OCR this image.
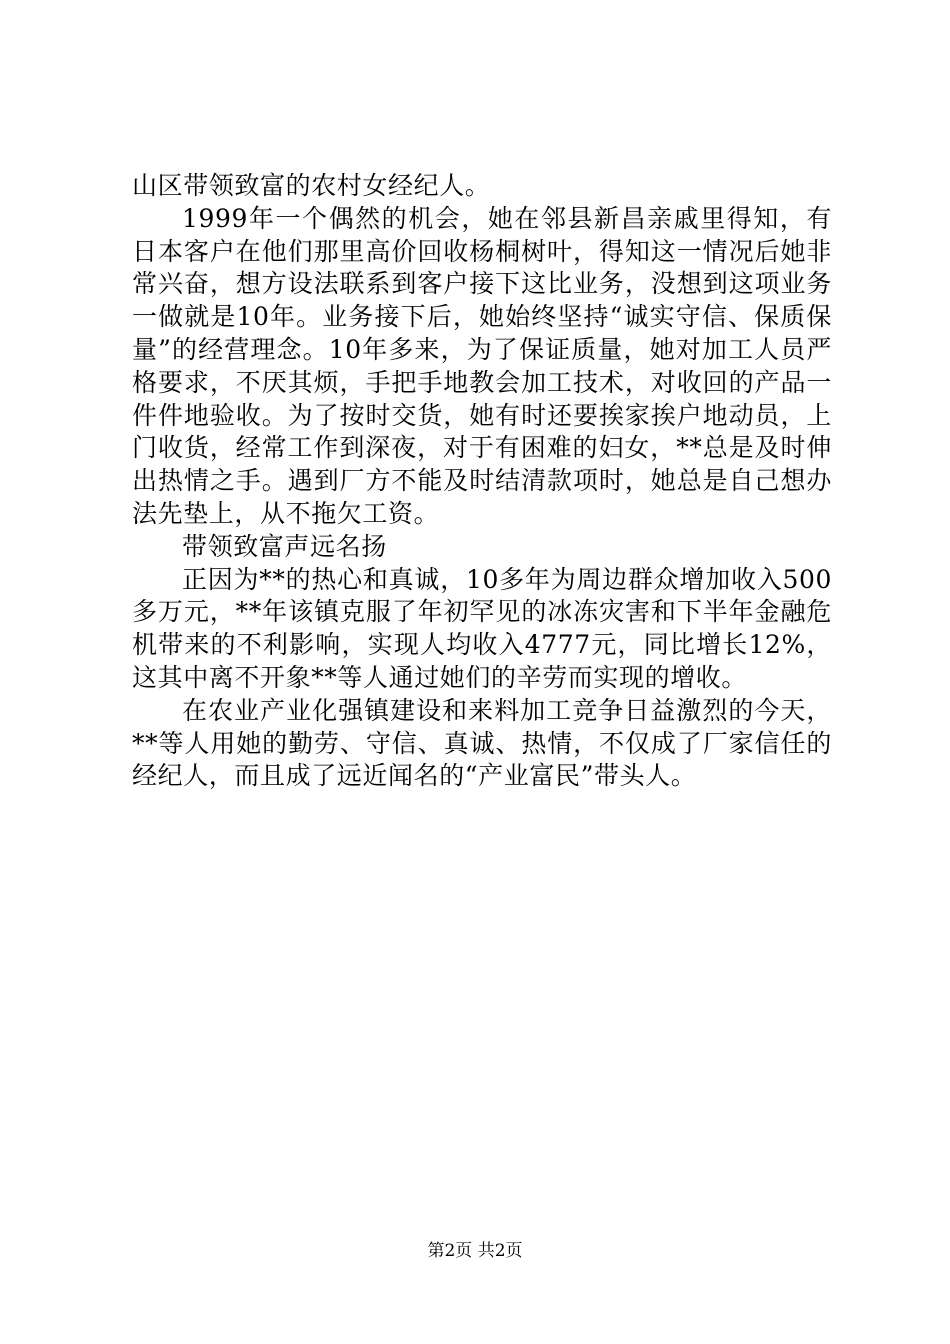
山区带领致富的农村女经纪人。

1999年一个偶然的机会，她在邻县新昌亲戚里得知，有日本客户在他们那里高价回收杨桐树叶，得知这一情况后她非常兴奋，想方设法联系到客户接下这比业务，没想到这项业务一做就是10年。业务接下后，她始终坚持“诚实守信、保质保量”的经营理念。10年多来，为了保证质量，她对加工人员严格要求，不厌其烦，手把手地教会加工技术，对收回的产品一件件地验收。为了按时交货，她有时还要挨家挨户地动员，上门收货，经常工作到深夜，对于有困难的妇女，**总是及时伸出热情之手。遇到厂方不能及时结清款项时，她总是自己想办法先垫上，从不拖欠工资。

带领致富声远名扬

正因为**的热心和真诚，10多年为周边群众增加收入500多万元，**年该镇克服了年初罕见的冰冻灾害和下半年金融危机带来的不利影响，实现人均收入4777元，同比增长12%，这其中离不开象**等人通过她们的辛劳而实现的增收。

在农业产业化强镇建设和来料加工竞争日益激烈的今天，**等人用她的勤劳、守信、真诚、热情，不仅成了厂家信任的经纪人，而且成了远近闻名的“产业富民”带头人。

第2页 共2页
